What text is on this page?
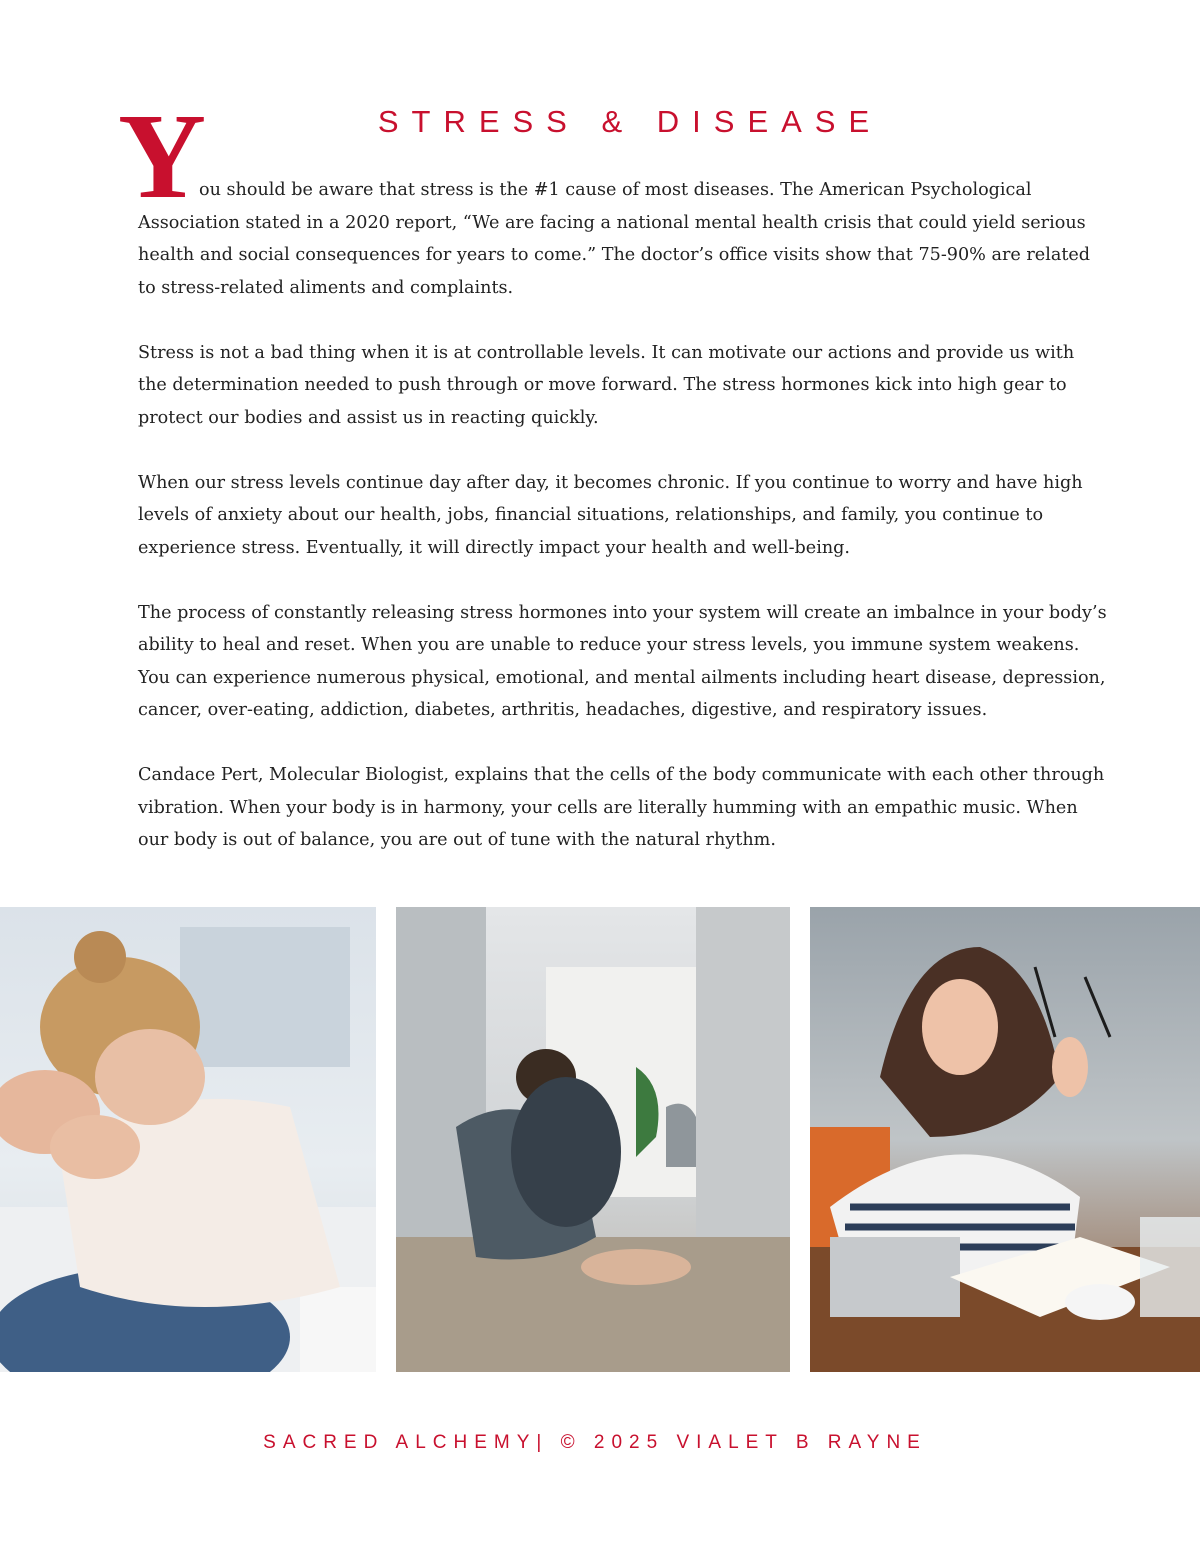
Y	STRESS & DISEASE

ou should be aware that stress is the #1 cause of most diseases. The American Psychological Association stated in a 2020 report, “We are facing a national mental health crisis that could yield serious health and social consequences for years to come.” The doctor’s office visits show that 75-90% are related to stress-related aliments and complaints.

Stress is not a bad thing when it is at controllable levels. It can motivate our actions and provide us with the determination needed to push through or move forward. The stress hormones kick into high gear to protect our bodies and assist us in reacting quickly.

When our stress levels continue day after day, it becomes chronic. If you continue to worry and have high levels of anxiety about our health, jobs, financial situations, relationships, and family, you continue to experience stress. Eventually, it will directly impact your health and well-being.

The process of constantly releasing stress hormones into your system will create an imbalnce in your body’s ability to heal and reset. When you are unable to reduce your stress levels, you immune system weakens. You can experience numerous physical, emotional, and mental ailments including heart disease, depression, cancer, over-eating, addiction, diabetes, arthritis, headaches, digestive, and respiratory issues.

Candace Pert, Molecular Biologist, explains that the cells of the body communicate with each other through vibration. When your body is in harmony, your cells are literally humming with an empathic music. When our body is out of balance, you are out of tune with the natural rhythm.

SACRED ALCHEMY| © 2025 VIALET B RAYNE
